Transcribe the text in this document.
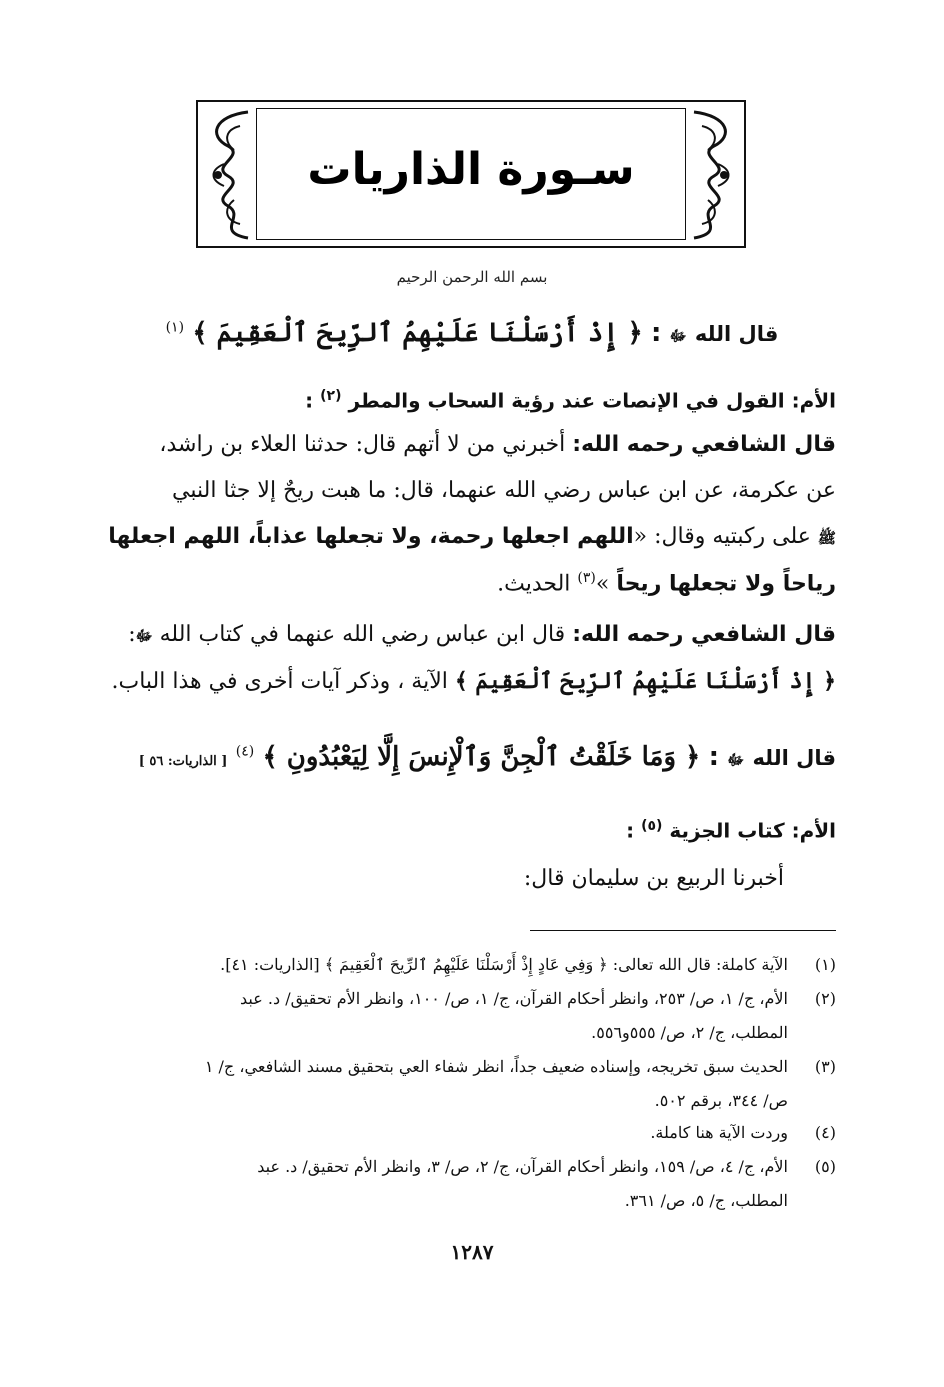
سـورة الذاريات
بسم الله الرحمن الرحيم
قال الله ﷻ : ﴿ إِذْ أَرْسَلْنَا عَلَيْهِمُ ٱلرِّيحَ ٱلْعَقِيمَ ﴾ $^{(١)}$
الأم: القول في الإنصات عند رؤية السحاب والمطر $^{(٢)}$ :
قال الشافعي رحمه الله: أخبرني من لا أتهم قال: حدثنا العلاء بن راشد،
عن عكرمة، عن ابن عباس رضي الله عنهما، قال: ما هبت ريحٌ إلا جثا النبي
ﷺ على ركبتيه وقال: «اللهم اجعلها رحمة، ولا تجعلها عذاباً، اللهم اجعلها
رياحاً ولا تجعلها ريحاً »$^{(٣)}$ الحديث.
قال الشافعي رحمه الله: قال ابن عباس رضي الله عنهما في كتاب الله ﷻ:
﴿ إِذْ أَرْسَلْنَا عَلَيْهِمُ ٱلرِّيحَ ٱلْعَقِيمَ ﴾ الآية ، وذكر آيات أخرى في هذا الباب.
قال الله ﷻ : ﴿ وَمَا خَلَقْتُ ٱلْجِنَّ وَٱلْإِنسَ إِلَّا لِيَعْبُدُونِ ﴾ $^{(٤)}$ [ الذاريات: ٥٦ ]
الأم: كتاب الجزية $^{(٥)}$ :
أخبرنا الربيع بن سليمان قال:
(١)الآية كاملة: قال الله تعالى: ﴿ وَفِي عَادٍ إِذْ أَرْسَلْنَا عَلَيْهِمُ ٱلرِّيحَ ٱلْعَقِيمَ ﴾ [الذاريات: ٤١].
(٢)الأم، ج/ ١، ص/ ٢٥٣، وانظر أحكام القرآن، ج/ ١، ص/ ١٠٠، وانظر الأم تحقيق/ د. عبد
المطلب، ج/ ٢، ص/ ٥٥٥و٥٥٦.
(٣)الحديث سبق تخريجه، وإسناده ضعيف جداً، انظر شفاء العي بتحقيق مسند الشافعي، ج/ ١
ص/ ٣٤٤، برقم ٥٠٢.
(٤)وردت الآية هنا كاملة.
(٥)الأم، ج/ ٤، ص/ ١٥٩، وانظر أحكام القرآن، ج/ ٢، ص/ ٣، وانظر الأم تحقيق/ د. عبد
المطلب، ج/ ٥، ص/ ٣٦١.
١٢٨٧
